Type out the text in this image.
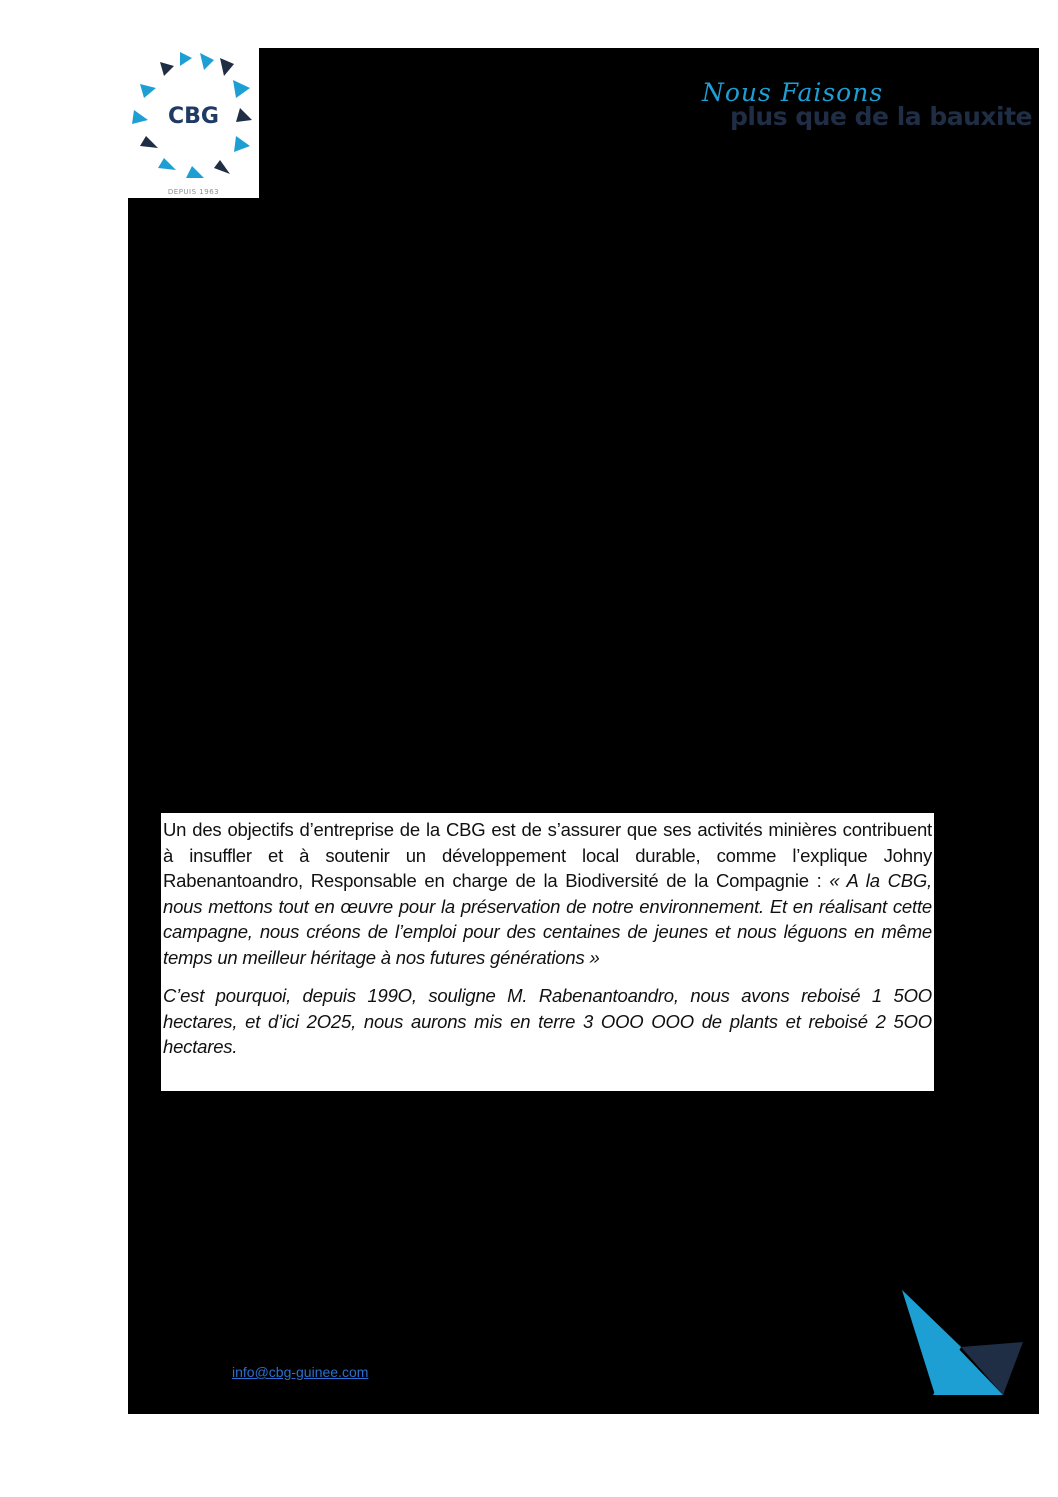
CBG
DEPUIS 1963
Nous Faisons
plus que de la bauxite

Un des objectifs d’entreprise de la CBG est de s’assurer que ses activités minières contribuent à insuffler et à soutenir un développement local durable, comme l’explique Johny Rabenantoandro, Responsable en charge de la Biodiversité de la Compagnie : « A la CBG, nous mettons tout en œuvre pour la préservation de notre environnement. Et en réalisant cette campagne, nous créons de l’emploi pour des centaines de jeunes et nous léguons en même temps un meilleur héritage à nos futures générations »

C’est pourquoi, depuis 199O, souligne M. Rabenantoandro, nous avons reboisé 1 5OO hectares, et d’ici 2O25, nous aurons mis en terre 3 OOO OOO de plants et reboisé 2 5OO hectares.

info@cbg-guinee.com
